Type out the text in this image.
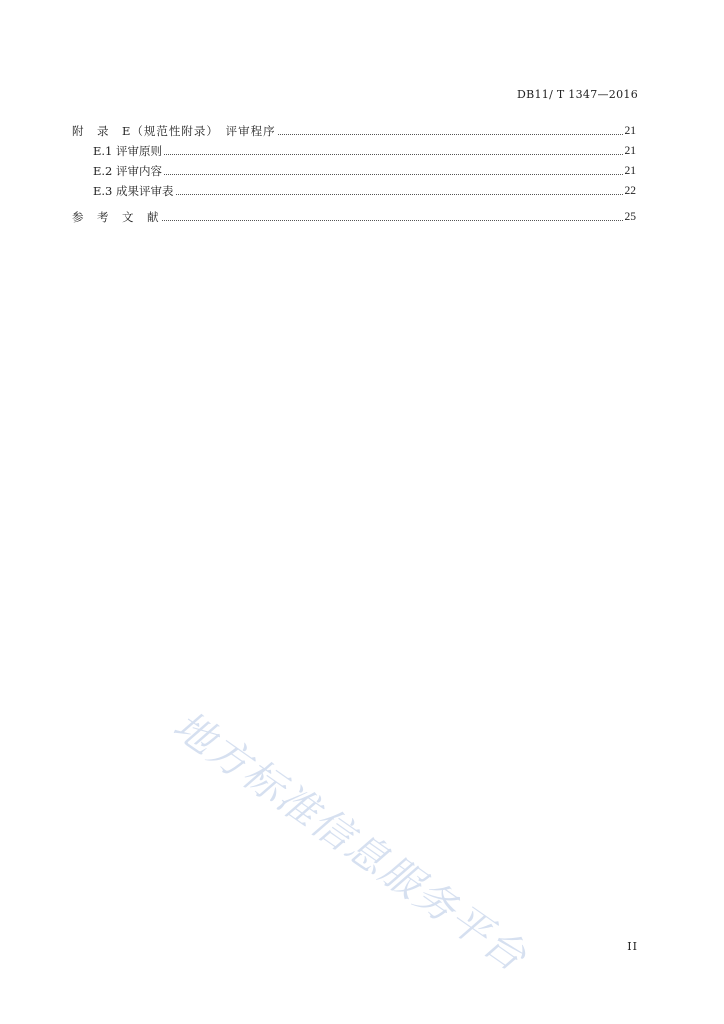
DB11/ T 1347—2016
附　录　E（规范性附录）　评审程序	21
E.1 评审原则	21
E.2 评审内容	21
E.3 成果评审表	22
参　考　文　献	25
地方标准信息服务平台	II
